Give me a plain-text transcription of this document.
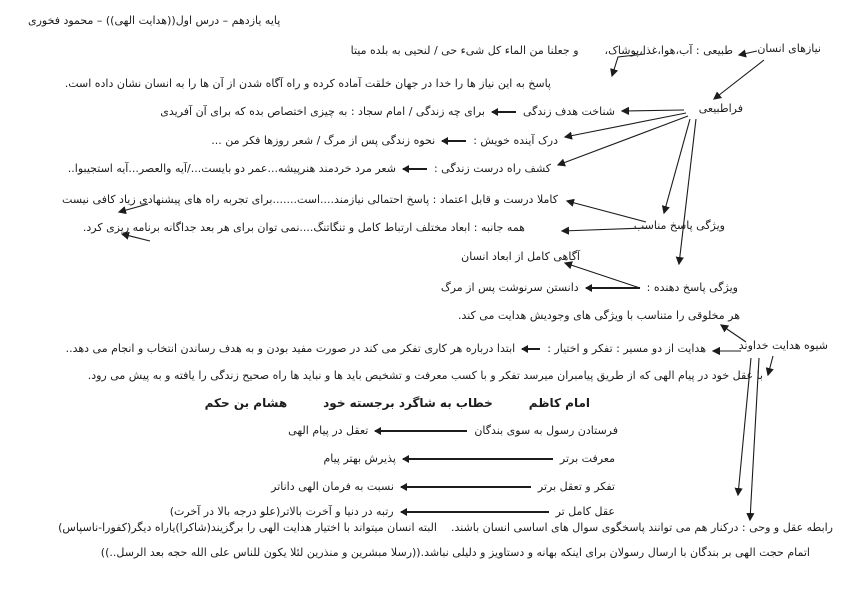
پایه یازدهم – درس اول((هدایت الهی)) – محمود فخوری
نیازهای انسان
طبیعی : آب،هوا،غذا،پوشاک،
و جعلنا من الماء کل شیء حی / لنحیی به بلده میتا
پاسخ به این نیاز ها را خدا در جهان خلقت آماده کرده و راه آگاه شدن از آن ها را به انسان نشان داده است.
فراطبیعی
شناخت هدف زندگی
برای چه زندگی / امام سجاد : به چیزی اختصاص بده که برای آن آفریدی
درک آینده خویش :
نحوه زندگی پس از مرگ / شعر روزها فکر من ...
کشف راه درست زندگی :
شعر مرد خردمند هنرپیشه...عمر دو بایست.../آیه والعصر...آیه استجیبوا..
کاملا درست و قابل اعتماد : پاسخ احتمالی نیازمند....است.......برای تجربه راه های پیشنهادی زیاد کافی نیست
همه جانبه : ابعاد مختلف ارتباط کامل و تنگاتنگ....نمی توان برای هر بعد جداگانه برنامه ریزی کرد.	ویژگی پاسخ مناسب
آگاهی کامل از ابعاد انسان
ویژگی پاسخ دهنده :
دانستن سرنوشت پس از مرگ
هر مخلوقی را متناسب با ویژگی های وجودیش هدایت می کند.
شیوه هدایت خداوند
هدایت از دو مسیر : تفکر و اختیار :
ابتدا درباره هر کاری تفکر می کند در صورت مفید بودن و به هدف رساندن انتخاب و انجام می دهد..
با عقل خود در پیام الهی که از طریق پیامبران میرسد تفکر و با کسب معرفت و تشخیص باید ها و نباید ها راه صحیح زندگی را یافته و به پیش می رود.
امام کاظم
خطاب به شاگرد برجسته خود
هشام بن حکم
فرستادن رسول به سوی بندگان
تعقل در پیام الهی
معرفت برتر
پذیرش بهتر پیام
تفکر و تعقل برتر
نسبت به فرمان الهی داناتر
عقل کامل تر
رتبه در دنیا و آخرت بالاتر(علو درجه بالا در آخرت)
رابطه عقل و وحی : درکنار هم می توانند پاسخگوی سوال های اساسی انسان باشند.
البته انسان میتواند با اختیار هدایت الهی را برگزیند(شاکرا)یاراه دیگر(کفورا-ناسپاس)
اتمام حجت الهی بر بندگان با ارسال رسولان برای اینکه بهانه و دستاویز و دلیلی نباشد.((رسلا مبشرین و منذرین لئلا یکون للناس علی الله حجه بعد الرسل..))
